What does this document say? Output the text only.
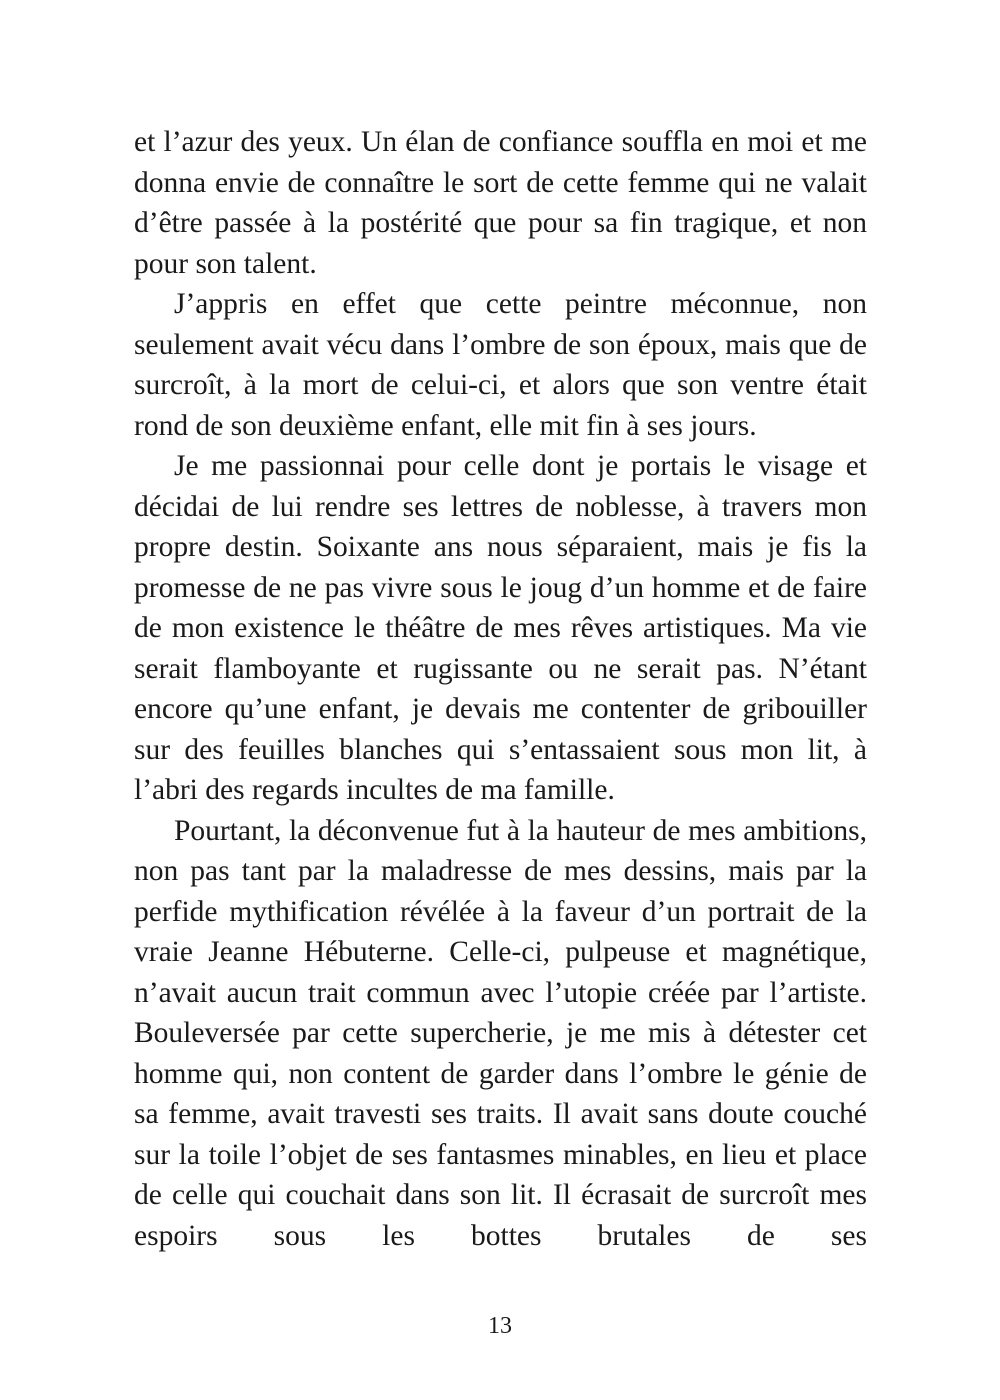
et l’azur des yeux. Un élan de confiance souffla en moi et me donna envie de connaître le sort de cette femme qui ne valait d’être passée à la postérité que pour sa fin tragique, et non pour son talent.

J’appris en effet que cette peintre méconnue, non seulement avait vécu dans l’ombre de son époux, mais que de surcroît, à la mort de celui-ci, et alors que son ventre était rond de son deuxième enfant, elle mit fin à ses jours.

Je me passionnai pour celle dont je portais le visage et décidai de lui rendre ses lettres de noblesse, à travers mon propre destin. Soixante ans nous séparaient, mais je fis la promesse de ne pas vivre sous le joug d’un homme et de faire de mon existence le théâtre de mes rêves artistiques. Ma vie serait flamboyante et rugissante ou ne serait pas. N’étant encore qu’une enfant, je devais me contenter de gribouiller sur des feuilles blanches qui s’entassaient sous mon lit, à l’abri des regards incultes de ma famille.

Pourtant, la déconvenue fut à la hauteur de mes ambitions, non pas tant par la maladresse de mes dessins, mais par la perfide mythification révélée à la faveur d’un portrait de la vraie Jeanne Hébuterne. Celle-ci, pulpeuse et magnétique, n’avait aucun trait commun avec l’utopie créée par l’artiste. Bouleversée par cette supercherie, je me mis à détester cet homme qui, non content de garder dans l’ombre le génie de sa femme, avait travesti ses traits. Il avait sans doute couché sur la toile l’objet de ses fantasmes minables, en lieu et place de celle qui couchait dans son lit. Il écrasait de surcroît mes espoirs sous les bottes brutales de ses

13
